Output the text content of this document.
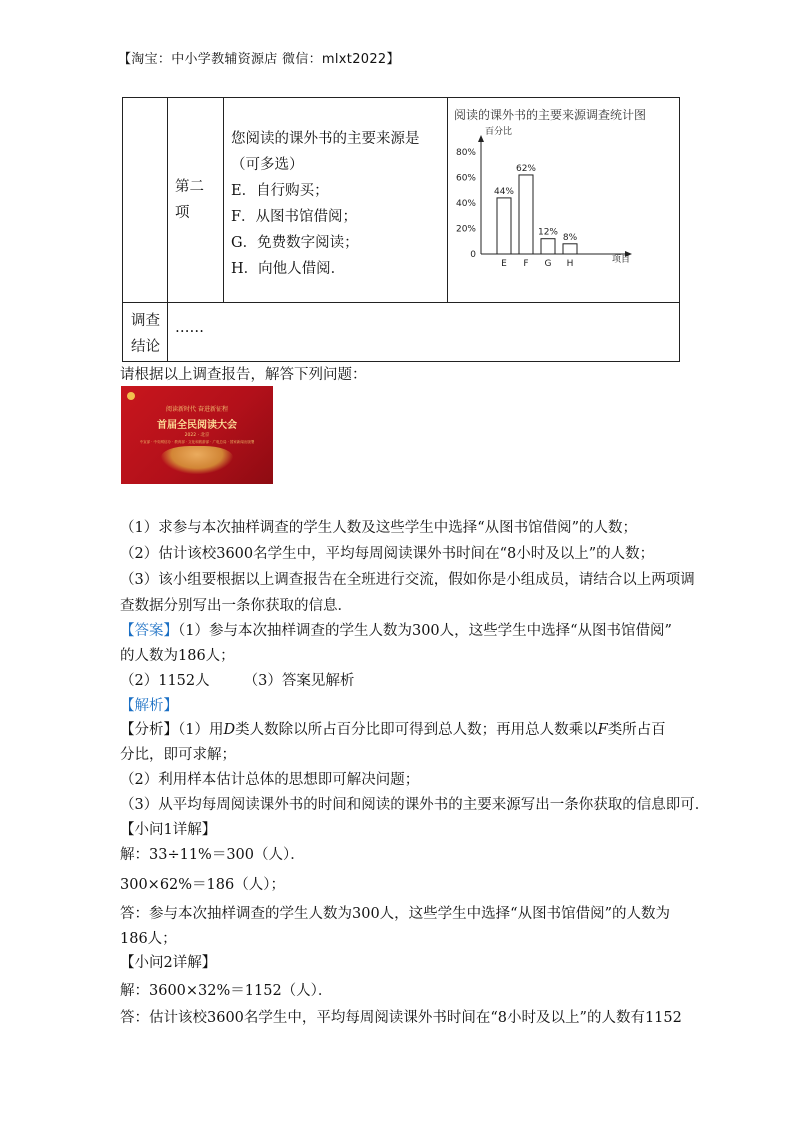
【淘宝：中小学教辅资源店 微信：mlxt2022】
第二
项
您阅读的课外书的主要来源是
（可多选）
E．自行购买；
F．从图书馆借阅；
G．免费数字阅读；
H．向他人借阅．
阅读的课外书的主要来源调查统计图
百分比
项目
0
20%
40%
60%
80%
44%
E
62%
F
12%
G
8%
H
调查
结论
……
请根据以上调查报告，解答下列问题：
阅读新时代 奋进新征程
首届全民阅读大会
2022 · 北京
中宣部 · 中央网信办 · 教育部 · 文化和旅游部 · 广电总局 · 国家新闻出版署
（1）求参与本次抽样调查的学生人数及这些学生中选择“从图书馆借阅”的人数；
（2）估计该校3600名学生中，平均每周阅读课外书时间在“8小时及以上”的人数；
（3）该小组要根据以上调查报告在全班进行交流，假如你是小组成员，请结合以上两项调
查数据分别写出一条你获取的信息．
【答案】（1）参与本次抽样调查的学生人数为300人，这些学生中选择“从图书馆借阅”
的人数为186人；
（2）1152人 （3）答案见解析
【解析】
【分析】（1）用D类人数除以所占百分比即可得到总人数；再用总人数乘以F类所占百
分比，即可求解；
（2）利用样本估计总体的思想即可解决问题；
（3）从平均每周阅读课外书的时间和阅读的课外书的主要来源写出一条你获取的信息即可．
【小问1详解】
解：33÷11%＝300（人）．
300×62%＝186（人）；
答：参与本次抽样调查的学生人数为300人，这些学生中选择“从图书馆借阅”的人数为
186人；
【小问2详解】
解：3600×32%＝1152（人）．
答：估计该校3600名学生中，平均每周阅读课外书时间在“8小时及以上”的人数有1152
